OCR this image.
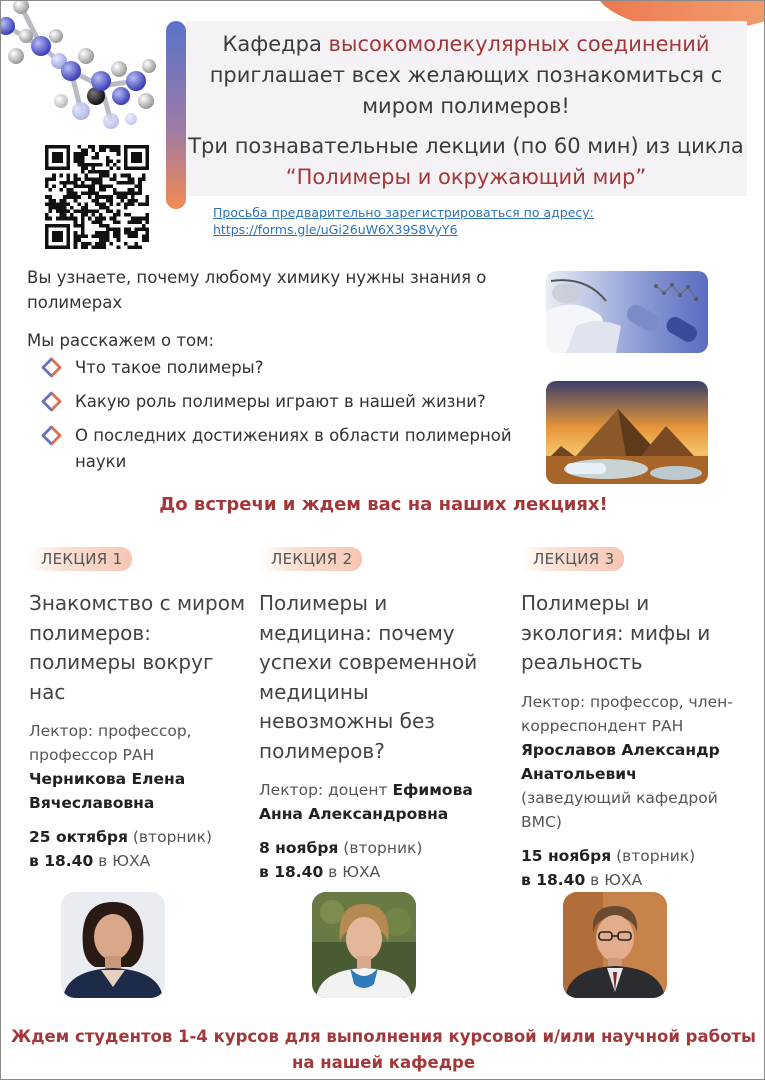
Кафедра высокомолекулярных соединений
приглашает всех желающих познакомиться с миром полимеров!
Три познавательные лекции (по 60 мин) из цикла “Полимеры и окружающий мир”
Просьба предварительно зарегистрироваться по адресу:
https://forms.gle/uGi26uW6X39S8VyY6
Вы узнаете, почему любому химику нужны знания о полимерах
Мы расскажем о том:
Что такое полимеры?
Какую роль полимеры играют в нашей жизни?
О последних достижениях в области полимерной науки
До встречи и ждем вас на наших лекциях!
ЛЕКЦИЯ 1
Знакомство с миром полимеров: полимеры вокруг нас
Лектор: профессор, профессор РАН Черникова Елена Вячеславовна
25 октября (вторник)
в 18.40 в ЮХА
ЛЕКЦИЯ 2
Полимеры и медицина: почему успехи современной медицины невозможны без полимеров?
Лектор: доцент Ефимова Анна Александровна
8 ноября (вторник)
в 18.40 в ЮХА
ЛЕКЦИЯ 3
Полимеры и экология: мифы и реальность
Лектор: профессор, член-корреспондент РАН Ярославов Александр Анатольевич (заведующий кафедрой ВМС)
15 ноября (вторник)
в 18.40 в ЮХА
Ждем студентов 1-4 курсов для выполнения курсовой и/или научной работы на нашей кафедре
